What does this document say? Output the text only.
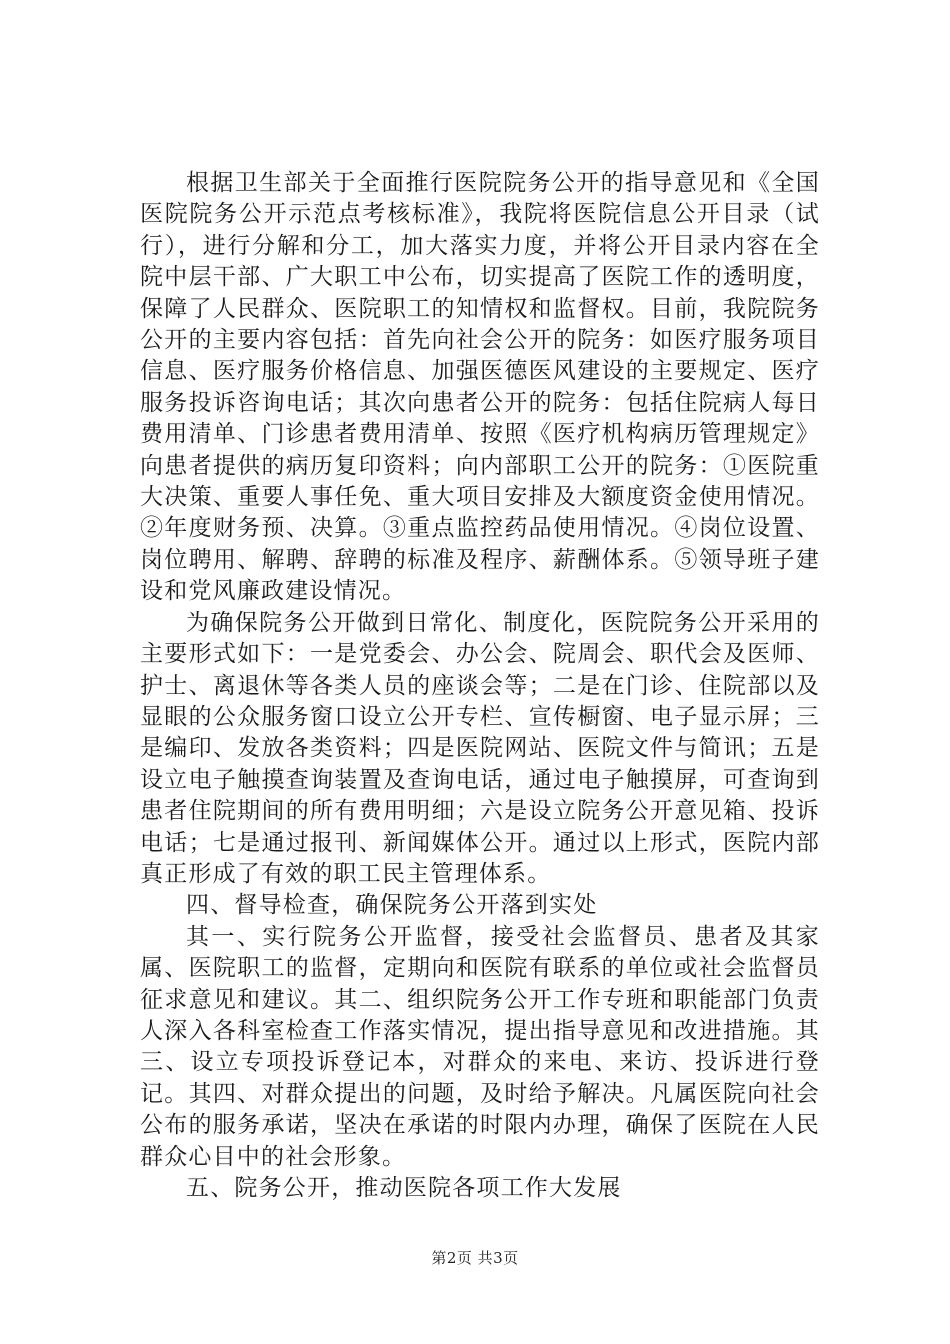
根据卫生部关于全面推行医院院务公开的指导意见和《全国医院院务公开示范点考核标准》，我院将医院信息公开目录（试行），进行分解和分工，加大落实力度，并将公开目录内容在全院中层干部、广大职工中公布，切实提高了医院工作的透明度，保障了人民群众、医院职工的知情权和监督权。目前，我院院务公开的主要内容包括：首先向社会公开的院务：如医疗服务项目信息、医疗服务价格信息、加强医德医风建设的主要规定、医疗服务投诉咨询电话；其次向患者公开的院务：包括住院病人每日费用清单、门诊患者费用清单、按照《医疗机构病历管理规定》向患者提供的病历复印资料；向内部职工公开的院务：①医院重大决策、重要人事任免、重大项目安排及大额度资金使用情况。②年度财务预、决算。③重点监控药品使用情况。④岗位设置、岗位聘用、解聘、辞聘的标准及程序、薪酬体系。⑤领导班子建设和党风廉政建设情况。

为确保院务公开做到日常化、制度化，医院院务公开采用的主要形式如下：一是党委会、办公会、院周会、职代会及医师、护士、离退休等各类人员的座谈会等；二是在门诊、住院部以及显眼的公众服务窗口设立公开专栏、宣传橱窗、电子显示屏；三是编印、发放各类资料；四是医院网站、医院文件与简讯；五是设立电子触摸查询装置及查询电话，通过电子触摸屏，可查询到患者住院期间的所有费用明细；六是设立院务公开意见箱、投诉电话；七是通过报刊、新闻媒体公开。通过以上形式，医院内部真正形成了有效的职工民主管理体系。

四、督导检查，确保院务公开落到实处

其一、实行院务公开监督，接受社会监督员、患者及其家属、医院职工的监督，定期向和医院有联系的单位或社会监督员征求意见和建议。其二、组织院务公开工作专班和职能部门负责人深入各科室检查工作落实情况，提出指导意见和改进措施。其三、设立专项投诉登记本，对群众的来电、来访、投诉进行登记。其四、对群众提出的问题，及时给予解决。凡属医院向社会公布的服务承诺，坚决在承诺的时限内办理，确保了医院在人民群众心目中的社会形象。

五、院务公开，推动医院各项工作大发展

第2页 共3页
